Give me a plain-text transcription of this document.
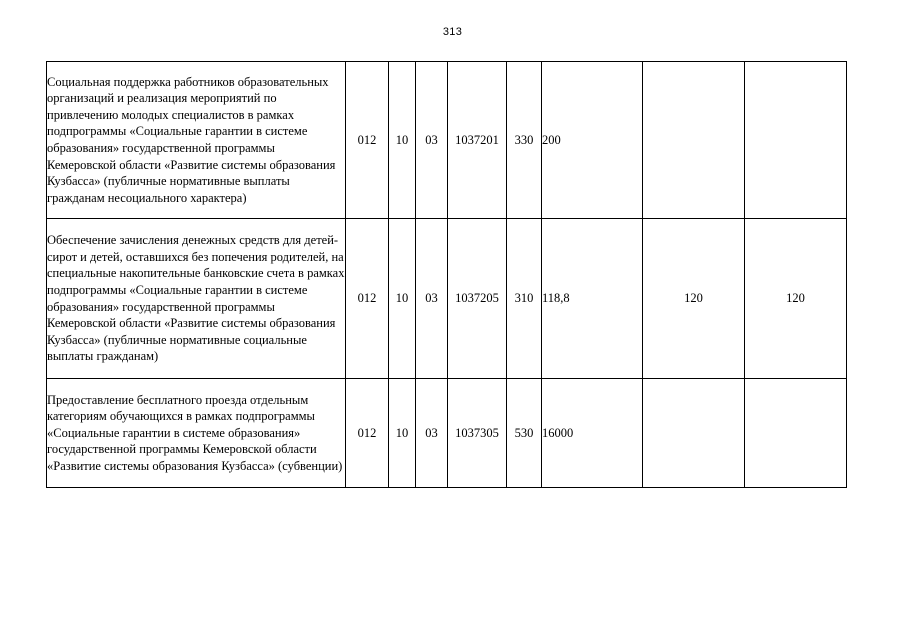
313
Социальная поддержка работников образовательных организаций и реализация мероприятий по привлечению молодых специалистов в рамках подпрограммы «Социальные гарантии в системе образования» государственной программы Кемеровской области «Развитие системы образования Кузбасса» (публичные нормативные выплаты гражданам несоциального характера)	012	10	03	1037201	330	200		
Обеспечение зачисления денежных средств для детей-сирот и детей, оставшихся без попечения родителей, на специальные накопительные банковские счета в рамках подпрограммы «Социальные гарантии в системе образования» государственной программы Кемеровской области «Развитие системы образования Кузбасса» (публичные нормативные социальные выплаты гражданам)	012	10	03	1037205	310	118,8	120	120
Предоставление бесплатного проезда отдельным категориям обучающихся в рамках подпрограммы «Социальные гарантии в системе образования» государственной программы Кемеровской области «Развитие системы образования Кузбасса» (субвенции)	012	10	03	1037305	530	16000		
